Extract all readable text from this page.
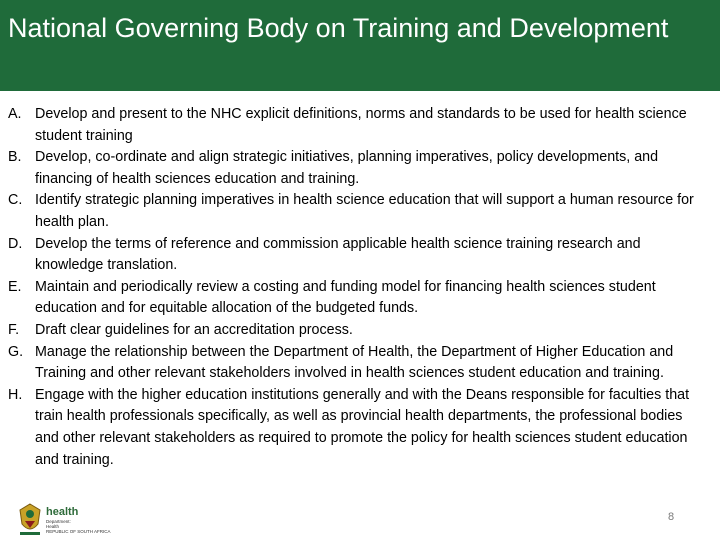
National Governing Body on Training and Development
A. Develop and present to the NHC explicit definitions, norms and standards to be used for health science student training
B. Develop, co-ordinate and align strategic initiatives, planning imperatives, policy developments, and financing of health sciences education and training.
C. Identify strategic planning imperatives in health science education that will support a human resource for health plan.
D. Develop the terms of reference and commission applicable health science training research and knowledge translation.
E. Maintain and periodically review a costing and funding model for financing health sciences student education and for equitable allocation of the budgeted funds.
F. Draft clear guidelines for an accreditation process.
G. Manage the relationship between the Department of Health, the Department of Higher Education and Training and other relevant stakeholders involved in health sciences student education and training.
H. Engage with the higher education institutions generally and with the Deans responsible for faculties that train health professionals specifically, as well as provincial health departments, the professional bodies and other relevant stakeholders as required to promote the policy for health sciences student education and training.
health
Department:
Health
REPUBLIC OF SOUTH AFRICA
8
